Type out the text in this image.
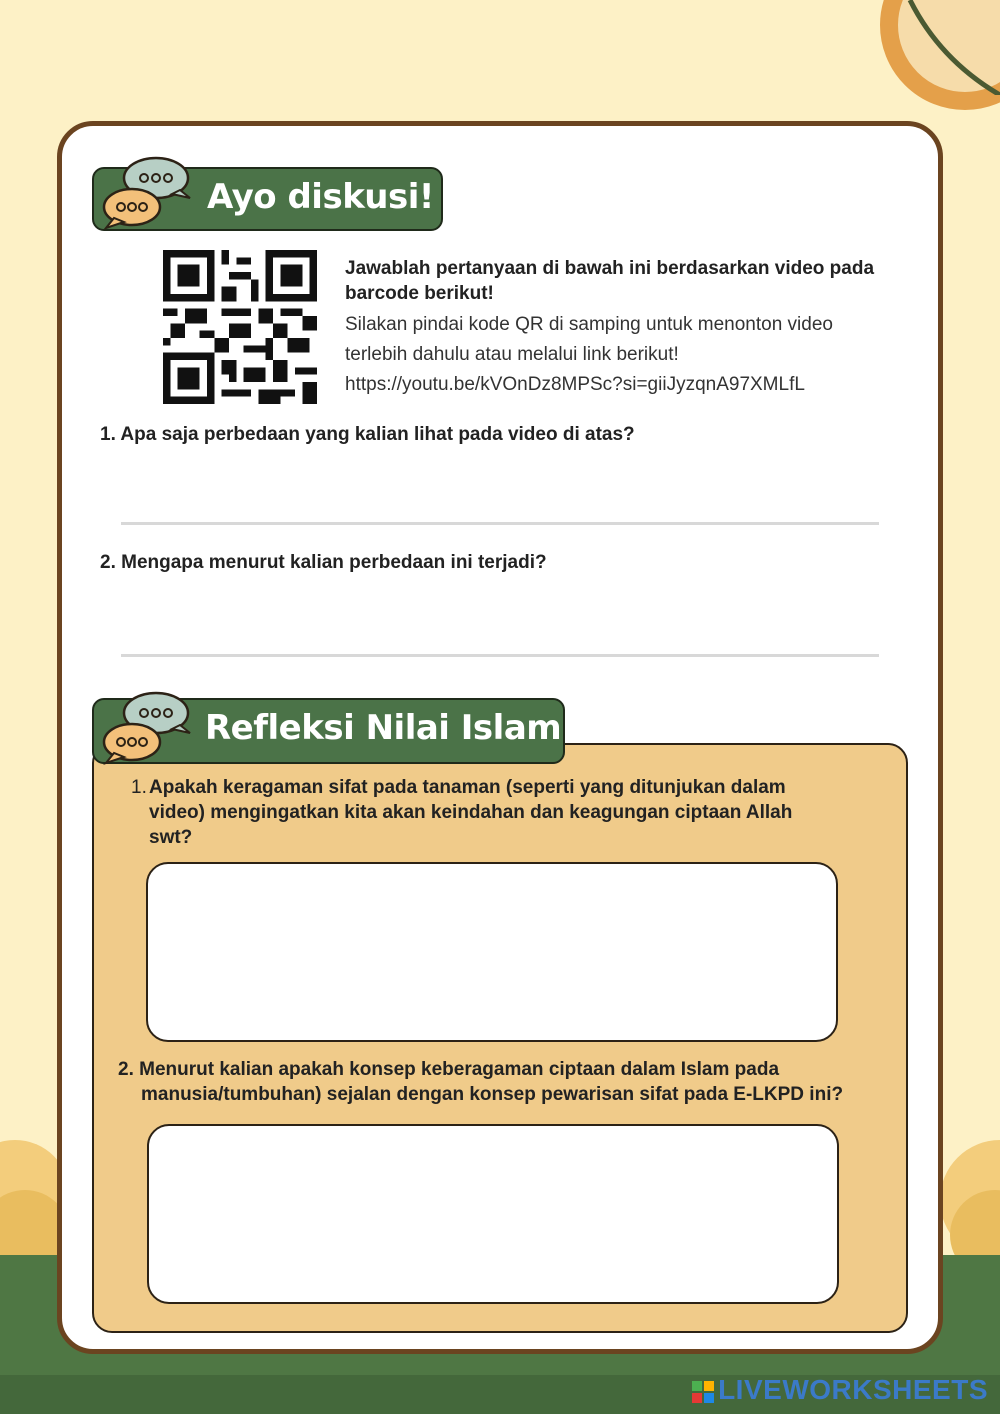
Ayo diskusi!
Jawablah pertanyaan di bawah ini berdasarkan video pada barcode berikut!
Silakan pindai kode QR di samping untuk menonton video
terlebih dahulu atau melalui link berikut!
https://youtu.be/kVOnDz8MPSc?si=giiJyzqnA97XMLfL
1. Apa saja perbedaan yang kalian lihat pada video di atas?
2. Mengapa menurut kalian perbedaan ini terjadi?
Refleksi Nilai Islam
1. Apakah keragaman sifat pada tanaman (seperti yang ditunjukan dalam
video) mengingatkan kita akan keindahan dan keagungan ciptaan Allah
swt?
2. Menurut kalian apakah konsep keberagaman ciptaan dalam Islam pada
manusia/tumbuhan) sejalan dengan konsep pewarisan sifat pada E-LKPD ini?
LIVEWORKSHEETS
